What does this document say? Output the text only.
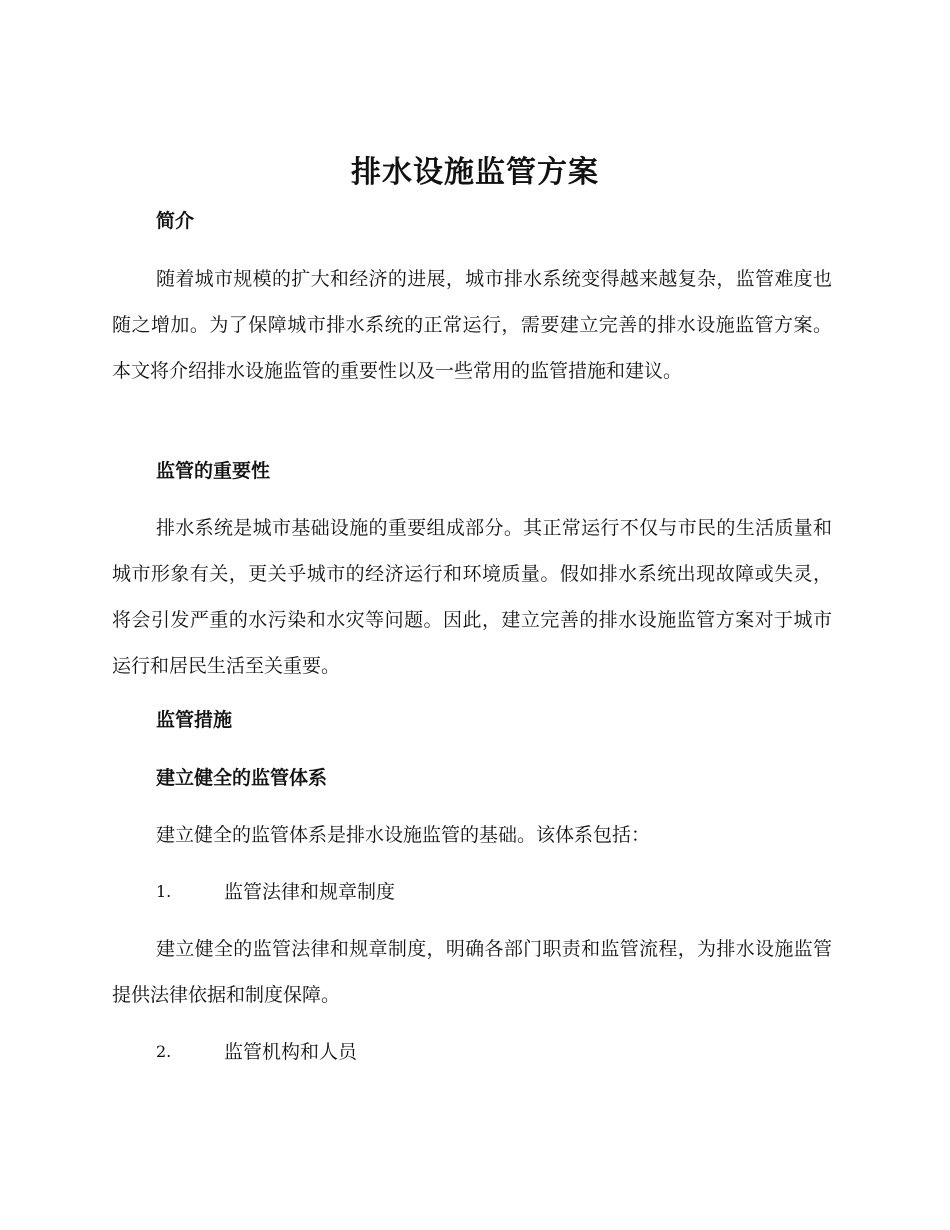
排水设施监管方案
简介

随着城市规模的扩大和经济的进展，城市排水系统变得越来越复杂，监管难度也随之增加。为了保障城市排水系统的正常运行，需要建立完善的排水设施监管方案。本文将介绍排水设施监管的重要性以及一些常用的监管措施和建议。

监管的重要性

排水系统是城市基础设施的重要组成部分。其正常运行不仅与市民的生活质量和城市形象有关，更关乎城市的经济运行和环境质量。假如排水系统出现故障或失灵，将会引发严重的水污染和水灾等问题。因此，建立完善的排水设施监管方案对于城市运行和居民生活至关重要。

监管措施
建立健全的监管体系
建立健全的监管体系是排水设施监管的基础。该体系包括：
1.	监管法律和规章制度

建立健全的监管法律和规章制度，明确各部门职责和监管流程，为排水设施监管提供法律依据和制度保障。

2.	监管机构和人员
